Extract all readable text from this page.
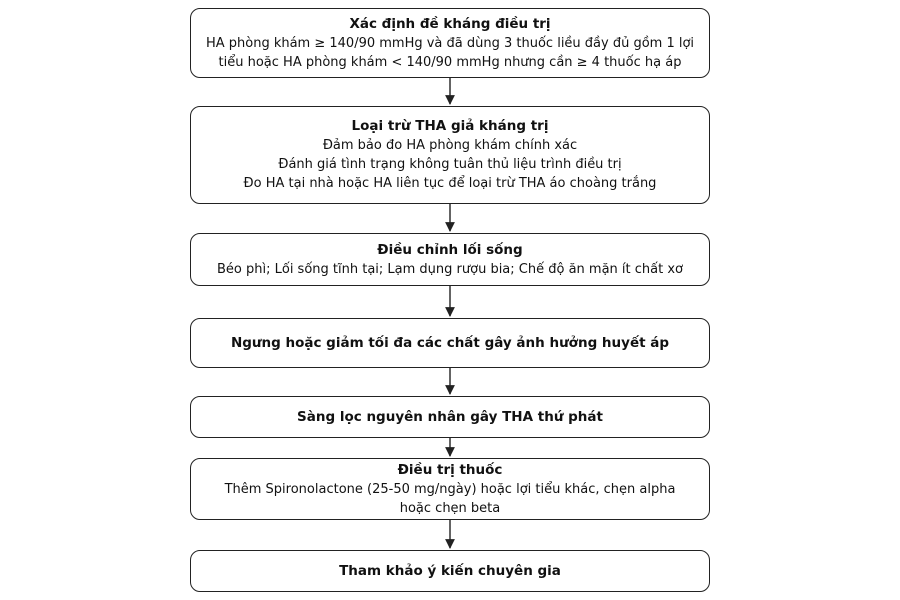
Xác định đề kháng điều trị
HA phòng khám ≥ 140/90 mmHg và đã dùng 3 thuốc liều đầy đủ gồm 1 lợi
tiểu hoặc HA phòng khám < 140/90 mmHg nhưng cần ≥ 4 thuốc hạ áp
Loại trừ THA giả kháng trị
Đảm bảo đo HA phòng khám chính xác
Đánh giá tình trạng không tuân thủ liệu trình điều trị
Đo HA tại nhà hoặc HA liên tục để loại trừ THA áo choàng trắng
Điều chỉnh lối sống
Béo phì; Lối sống tĩnh tại; Lạm dụng rượu bia; Chế độ ăn mặn ít chất xơ
Ngưng hoặc giảm tối đa các chất gây ảnh hưởng huyết áp
Sàng lọc nguyên nhân gây THA thứ phát
Điều trị thuốc
Thêm Spironolactone (25-50 mg/ngày) hoặc lợi tiểu khác, chẹn alpha
hoặc chẹn beta
Tham khảo ý kiến chuyên gia
